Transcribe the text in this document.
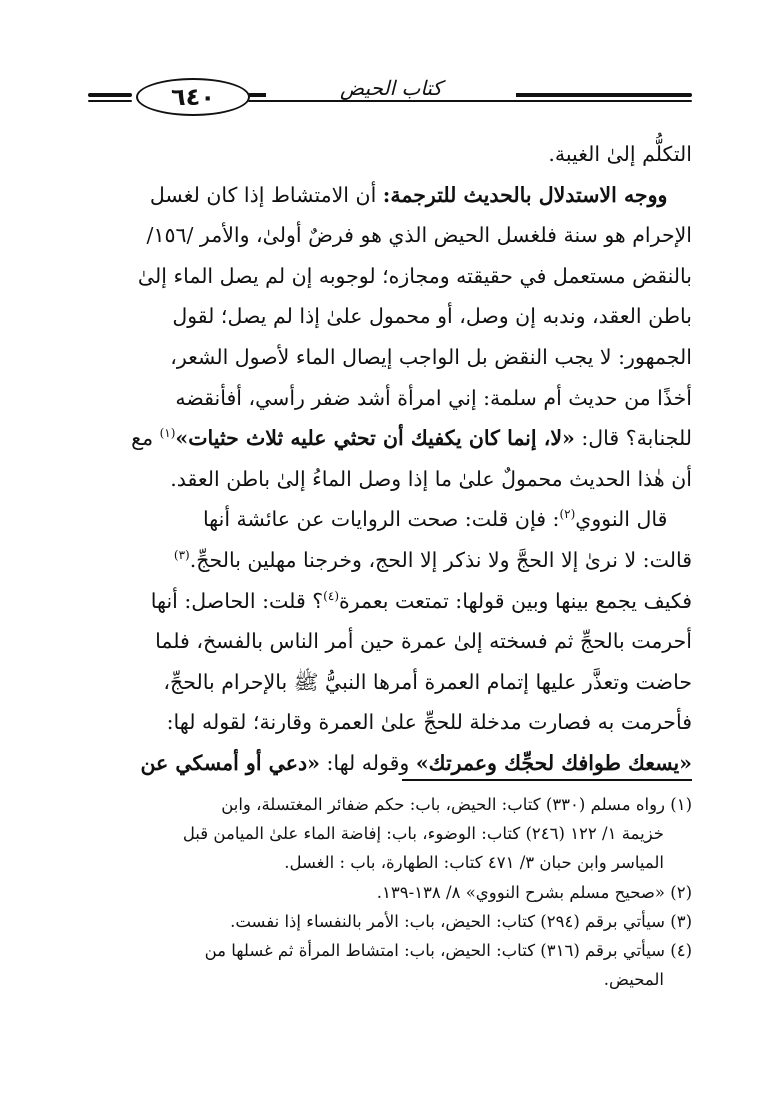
كتاب الحيض
٦٤٠

التكلُّم إلىٰ الغيبة.

ووجه الاستدلال بالحديث للترجمة: أن الامتشاط إذا كان لغسل

الإحرام هو سنة فلغسل الحيض الذي هو فرضٌ أولىٰ، والأمر /١٥٦/

بالنقض مستعمل في حقيقته ومجازه؛ لوجوبه إن لم يصل الماء إلىٰ

باطن العقد، وندبه إن وصل، أو محمول علىٰ إذا لم يصل؛ لقول

الجمهور: لا يجب النقض بل الواجب إيصال الماء لأصول الشعر،

أخذًا من حديث أم سلمة: إني امرأة أشد ضفر رأسي، أفأنقضه

للجنابة؟ قال: «لا، إنما كان يكفيك أن تحثي عليه ثلاث حثيات»$^{(١)}$ مع

أن هٰذا الحديث محمولٌ علىٰ ما إذا وصل الماءُ إلىٰ باطن العقد.

قال النووي$^{(٢)}$: فإن قلت: صحت الروايات عن عائشة أنها

قالت: لا نرىٰ إلا الحجَّ ولا نذكر إلا الحج، وخرجنا مهلين بالحجِّ.$^{(٣)}$

فكيف يجمع بينها وبين قولها: تمتعت بعمرة$^{(٤)}$؟ قلت: الحاصل: أنها

أحرمت بالحجِّ ثم فسخته إلىٰ عمرة حين أمر الناس بالفسخ، فلما

حاضت وتعذَّر عليها إتمام العمرة أمرها النبيُّ ﷺ بالإحرام بالحجِّ،

فأحرمت به فصارت مدخلة للحجِّ علىٰ العمرة وقارنة؛ لقوله لها:

«يسعك طوافك لحجِّك وعمرتك» وقوله لها: «دعي أو أمسكي عن

(١) رواه مسلم (٣٣٠) كتاب: الحيض، باب: حكم ضفائر المغتسلة، وابن

خزيمة ١/ ١٢٢ (٢٤٦) كتاب: الوضوء، باب: إفاضة الماء علىٰ الميامن قبل

المياسر وابن حبان ٣/ ٤٧١ كتاب: الطهارة، باب : الغسل.

(٢) «صحيح مسلم بشرح النووي» ٨/ ١٣٨-١٣٩.

(٣) سيأتي برقم (٢٩٤) كتاب: الحيض، باب: الأمر بالنفساء إذا نفست.

(٤) سيأتي برقم (٣١٦) كتاب: الحيض، باب: امتشاط المرأة ثم غسلها من

المحيض.
